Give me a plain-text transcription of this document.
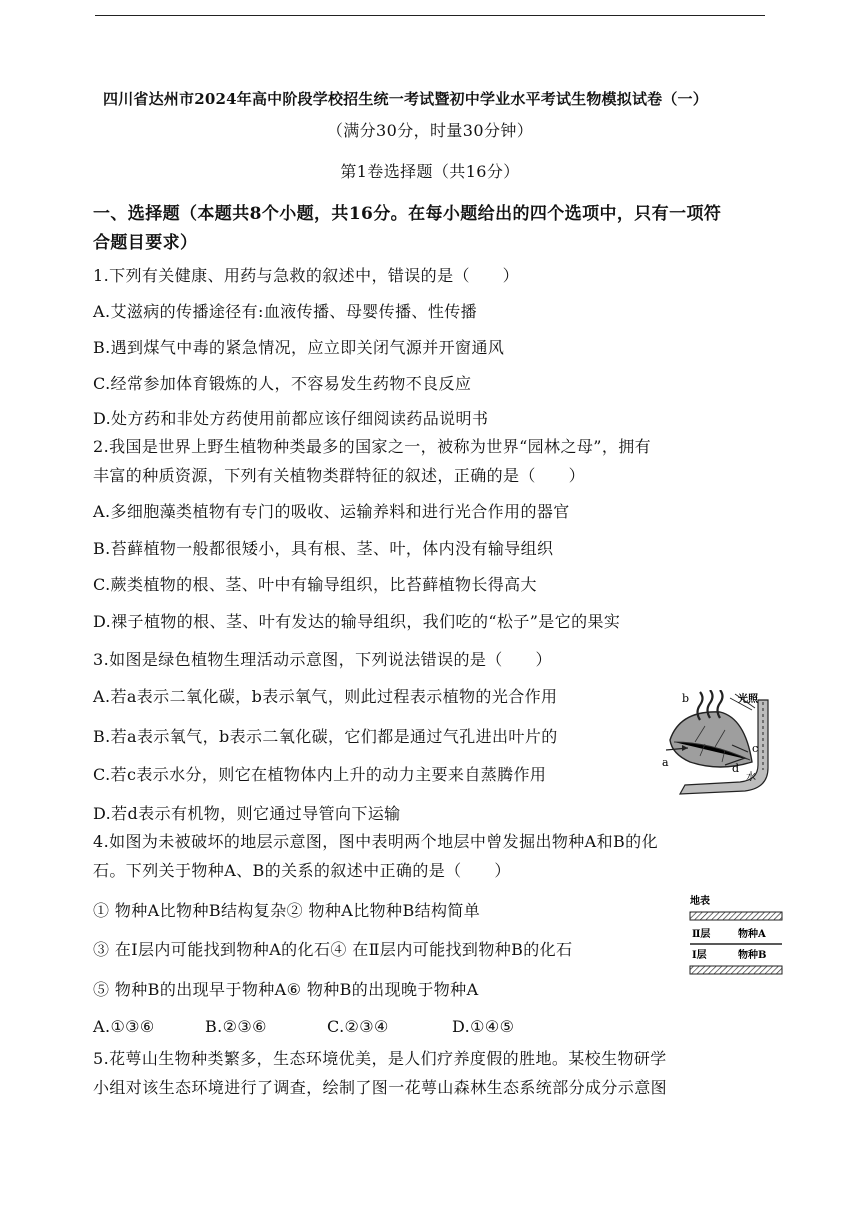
四川省达州市2024年高中阶段学校招生统一考试暨初中学业水平考试生物模拟试卷（一）
（满分30分，时量30分钟）
第1卷选择题（共16分）
一、选择题（本题共8个小题，共16分。在每小题给出的四个选项中，只有一项符
合题目要求）
1.下列有关健康、用药与急救的叙述中，错误的是（　　）
A.艾滋病的传播途径有:血液传播、母婴传播、性传播
B.遇到煤气中毒的紧急情况，应立即关闭气源并开窗通风
C.经常参加体育锻炼的人，不容易发生药物不良反应
D.处方药和非处方药使用前都应该仔细阅读药品说明书
2.我国是世界上野生植物种类最多的国家之一，被称为世界“园林之母”，拥有
丰富的种质资源，下列有关植物类群特征的叙述，正确的是（　　）
A.多细胞藻类植物有专门的吸收、运输养料和进行光合作用的器官
B.苔藓植物一般都很矮小，具有根、茎、叶，体内没有输导组织
C.蕨类植物的根、茎、叶中有输导组织，比苔藓植物长得高大
D.裸子植物的根、茎、叶有发达的输导组织，我们吃的“松子”是它的果实
3.如图是绿色植物生理活动示意图，下列说法错误的是（　　）
A.若a表示二氧化碳，b表示氧气，则此过程表示植物的光合作用
B.若a表示氧气，b表示二氧化碳，它们都是通过气孔进出叶片的
C.若c表示水分，则它在植物体内上升的动力主要来自蒸腾作用
D.若d表示有机物，则它通过导管向下运输
b	光照
a
c
d
水
4.如图为未被破坏的地层示意图，图中表明两个地层中曾发掘出物种A和B的化
石。下列关于物种A、B的关系的叙述中正确的是（　　）
① 物种A比物种B结构复杂② 物种A比物种B结构简单
③ 在Ⅰ层内可能找到物种A的化石④ 在Ⅱ层内可能找到物种B的化石
⑤ 物种B的出现早于物种A⑥ 物种B的出现晚于物种A
A.①③⑥	B.②③⑥	C.②③④	D.①④⑤
地表
Ⅱ层	物种A
Ⅰ层	物种B
5.花萼山生物种类繁多，生态环境优美，是人们疗养度假的胜地。某校生物研学
小组对该生态环境进行了调查，绘制了图一花萼山森林生态系统部分成分示意图
